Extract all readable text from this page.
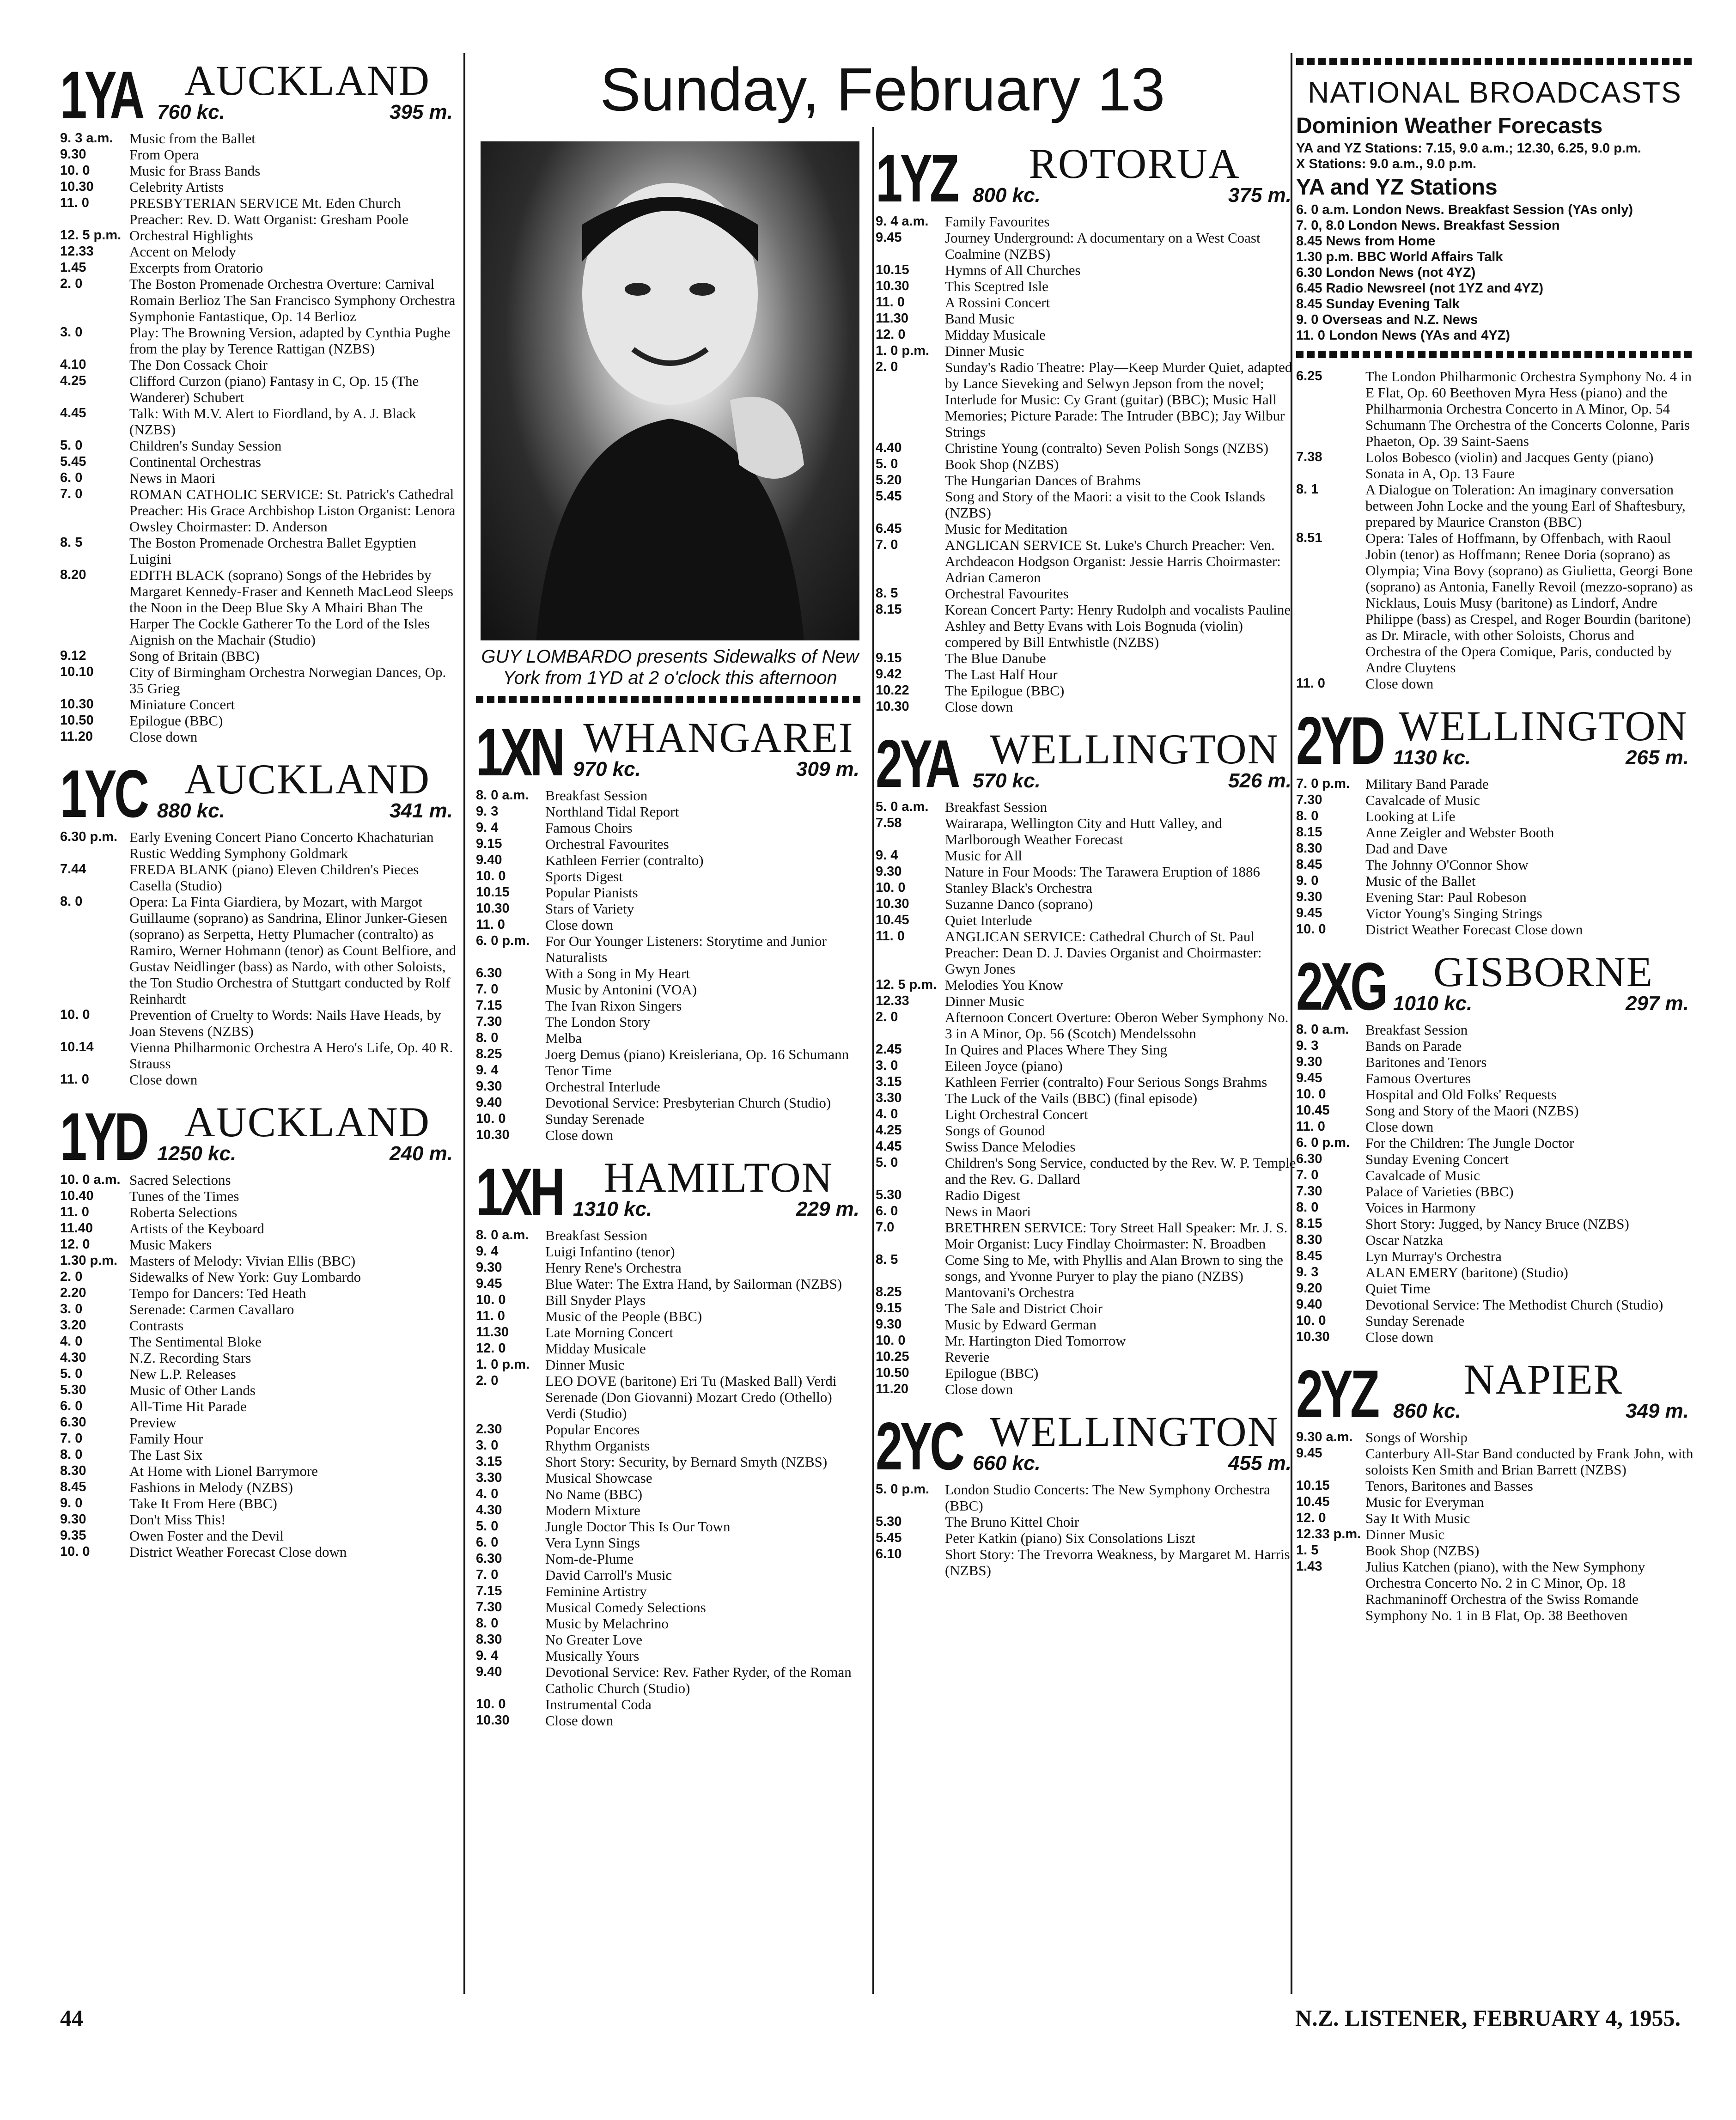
1YA AUCKLAND
760 kc.	395 m.
9. 3 a.m. Music from the Ballet
9.30	From Opera
10. 0	Music for Brass Bands
10.30 Celebrity Artists
11. 0	PRESBYTERIAN SERVICE Mt. Eden Church Preacher: Rev. D. Watt Organist: Gresham Poole
12. 5 p.m. Orchestral Highlights
12.33 Accent on Melody
1.45	Excerpts from Oratorio
2. 0	The Boston Promenade Orchestra Overture: Carnival Romain Berlioz The San Francisco Symphony Orchestra Symphonie Fantastique, Op. 14 Berlioz
3. 0	Play: The Browning Version, adapted by Cynthia Pughe from the play by Terence Rattigan (NZBS)
4.10	The Don Cossack Choir
4.25	Clifford Curzon (piano) Fantasy in C, Op. 15 (The Wanderer) Schubert
4.45	Talk: With M.V. Alert to Fiordland, by A. J. Black (NZBS)
5. 0	Children's Sunday Session
5.45	Continental Orchestras
6. 0	News in Maori
7. 0	ROMAN CATHOLIC SERVICE: St. Patrick's Cathedral Preacher: His Grace Archbishop Liston Organist: Lenora Owsley Choirmaster: D. Anderson
8. 5	The Boston Promenade Orchestra Ballet Egyptien Luigini
8.20	EDITH BLACK (soprano) Songs of the Hebrides by Margaret Kennedy-Fraser and Kenneth MacLeod Sleeps the Noon in the Deep Blue Sky A Mhairi Bhan The Harper The Cockle Gatherer To the Lord of the Isles Aignish on the Machair (Studio)
9.12	Song of Britain (BBC)
10.10 City of Birmingham Orchestra Norwegian Dances, Op. 35 Grieg
10.30 Miniature Concert
10.50 Epilogue (BBC)
11.20	Close down
1YC AUCKLAND
880 kc.	341 m.
6.30 p.m. Early Evening Concert Piano Concerto Khachaturian Rustic Wedding Symphony Goldmark
7.44	FREDA BLANK (piano) Eleven Children's Pieces Casella (Studio)
8. 0	Opera: La Finta Giardiera, by Mozart, with Margot Guillaume (soprano) as Sandrina, Elinor Junker-Giesen (soprano) as Serpetta, Hetty Plumacher (contralto) as Ramiro, Werner Hohmann (tenor) as Count Belfiore, and Gustav Neidlinger (bass) as Nardo, with other Soloists, the Ton Studio Orchestra of Stuttgart conducted by Rolf Reinhardt
10. 0	Prevention of Cruelty to Words: Nails Have Heads, by Joan Stevens (NZBS)
10.14 Vienna Philharmonic Orchestra A Hero's Life, Op. 40 R. Strauss
11. 0	Close down
1YD AUCKLAND
1250 kc.	240 m.
10. 0 a.m. Sacred Selections
10.40 Tunes of the Times
11. 0	Roberta Selections
11.40	Artists of the Keyboard
12. 0	Music Makers
1.30 p.m. Masters of Melody: Vivian Ellis (BBC)
2. 0	Sidewalks of New York: Guy Lombardo
2.20	Tempo for Dancers: Ted Heath
3. 0	Serenade: Carmen Cavallaro
3.20	Contrasts
4. 0	The Sentimental Bloke
4.30	N.Z. Recording Stars
5. 0	New L.P. Releases
5.30	Music of Other Lands
6. 0	All-Time Hit Parade
6.30	Preview
7. 0	Family Hour
8. 0	The Last Six
8.30	At Home with Lionel Barrymore
8.45	Fashions in Melody (NZBS)
9. 0	Take It From Here (BBC)
9.30	Don't Miss This!
9.35	Owen Foster and the Devil
10. 0	District Weather Forecast Close down
Sunday, February 13
GUY LOMBARDO presents Sidewalks of New York from 1YD at 2 o'clock this afternoon
1XN WHANGAREI
970 kc.	309 m.
8. 0 a.m. Breakfast Session
9. 3	Northland Tidal Report
9. 4	Famous Choirs
9.15	Orchestral Favourites
9.40	Kathleen Ferrier (contralto)
10. 0	Sports Digest
10.15 Popular Pianists
10.30 Stars of Variety
11. 0	Close down
6. 0 p.m. For Our Younger Listeners: Storytime and Junior Naturalists
6.30	With a Song in My Heart
7. 0	Music by Antonini (VOA)
7.15	The Ivan Rixon Singers
7.30	The London Story
8. 0	Melba
8.25	Joerg Demus (piano) Kreisleriana, Op. 16 Schumann
9. 4	Tenor Time
9.30	Orchestral Interlude
9.40	Devotional Service: Presbyterian Church (Studio)
10. 0	Sunday Serenade
10.30 Close down
1XH HAMILTON
1310 kc.	229 m.
8. 0 a.m. Breakfast Session
9. 4	Luigi Infantino (tenor)
9.30	Henry Rene's Orchestra
9.45	Blue Water: The Extra Hand, by Sailorman (NZBS)
10. 0	Bill Snyder Plays
11. 0	Music of the People (BBC)
11.30	Late Morning Concert
12. 0	Midday Musicale
1. 0 p.m. Dinner Music
2. 0	LEO DOVE (baritone) Eri Tu (Masked Ball) Verdi Serenade (Don Giovanni) Mozart Credo (Othello) Verdi (Studio)
2.30	Popular Encores
3. 0	Rhythm Organists
3.15	Short Story: Security, by Bernard Smyth (NZBS)
3.30	Musical Showcase
4. 0	No Name (BBC)
4.30	Modern Mixture
5. 0	Jungle Doctor This Is Our Town
6. 0	Vera Lynn Sings
6.30	Nom-de-Plume
7. 0	David Carroll's Music
7.15	Feminine Artistry
7.30	Musical Comedy Selections
8. 0	Music by Melachrino
8.30	No Greater Love
9. 4	Musically Yours
9.40	Devotional Service: Rev. Father Ryder, of the Roman Catholic Church (Studio)
10. 0	Instrumental Coda
10.30 Close down
1YZ	ROTORUA
800 kc.	375 m.
9. 4 a.m. Family Favourites
9.45	Journey Underground: A documentary on a West Coast Coalmine (NZBS)
10.15 Hymns of All Churches
10.30 This Sceptred Isle
11. 0	A Rossini Concert
11.30	Band Music
12. 0	Midday Musicale
1. 0 p.m. Dinner Music
2. 0	Sunday's Radio Theatre: Play—Keep Murder Quiet, adapted by Lance Sieveking and Selwyn Jepson from the novel; Interlude for Music: Cy Grant (guitar) (BBC); Music Hall Memories; Picture Parade: The Intruder (BBC); Jay Wilbur Strings
4.40	Christine Young (contralto) Seven Polish Songs (NZBS)
5. 0	Book Shop (NZBS)
5.20	The Hungarian Dances of Brahms
5.45	Song and Story of the Maori: a visit to the Cook Islands (NZBS)
6.45	Music for Meditation
7. 0	ANGLICAN SERVICE St. Luke's Church Preacher: Ven. Archdeacon Hodgson Organist: Jessie Harris Choirmaster: Adrian Cameron
8. 5	Orchestral Favourites
8.15	Korean Concert Party: Henry Rudolph and vocalists Pauline Ashley and Betty Evans with Lois Bognuda (violin) compered by Bill Entwhistle (NZBS)
9.15	The Blue Danube
9.42	The Last Half Hour
10.22 The Epilogue (BBC)
10.30 Close down
2YA WELLINGTON
570 kc.	526 m.
5. 0 a.m. Breakfast Session
7.58	Wairarapa, Wellington City and Hutt Valley, and Marlborough Weather Forecast
9. 4	Music for All
9.30	Nature in Four Moods: The Tarawera Eruption of 1886
10. 0	Stanley Black's Orchestra
10.30 Suzanne Danco (soprano)
10.45 Quiet Interlude
11. 0	ANGLICAN SERVICE: Cathedral Church of St. Paul Preacher: Dean D. J. Davies Organist and Choirmaster: Gwyn Jones
12. 5 p.m. Melodies You Know
12.33 Dinner Music
2. 0	Afternoon Concert Overture: Oberon Weber Symphony No. 3 in A Minor, Op. 56 (Scotch) Mendelssohn
2.45	In Quires and Places Where They Sing
3. 0	Eileen Joyce (piano)
3.15	Kathleen Ferrier (contralto) Four Serious Songs Brahms
3.30	The Luck of the Vails (BBC) (final episode)
4. 0	Light Orchestral Concert
4.25	Songs of Gounod
4.45	Swiss Dance Melodies
5. 0	Children's Song Service, conducted by the Rev. W. P. Temple and the Rev. G. Dallard
5.30	Radio Digest
6. 0	News in Maori
7.0	BRETHREN SERVICE: Tory Street Hall Speaker: Mr. J. S. Moir Organist: Lucy Findlay Choirmaster: N. Broadben
8. 5	Come Sing to Me, with Phyllis and Alan Brown to sing the songs, and Yvonne Puryer to play the piano (NZBS)
8.25	Mantovani's Orchestra
9.15	The Sale and District Choir
9.30	Music by Edward German
10. 0	Mr. Hartington Died Tomorrow
10.25 Reverie
10.50 Epilogue (BBC)
11.20	Close down
2YC WELLINGTON
660 kc.	455 m.
5. 0 p.m. London Studio Concerts: The New Symphony Orchestra (BBC)
5.30	The Bruno Kittel Choir
5.45	Peter Katkin (piano) Six Consolations Liszt
6.10	Short Story: The Trevorra Weakness, by Margaret M. Harris (NZBS)
NATIONAL BROADCASTS
Dominion Weather Forecasts
YA and YZ Stations: 7.15, 9.0 a.m.; 12.30, 6.25, 9.0 p.m.
X Stations: 9.0 a.m., 9.0 p.m.
YA and YZ Stations
6. 0 a.m. London News. Breakfast Session (YAs only)
7. 0, 8.0 London News. Breakfast Session
8.45 News from Home
1.30 p.m. BBC World Affairs Talk
6.30 London News (not 4YZ)
6.45 Radio Newsreel (not 1YZ and 4YZ)
8.45 Sunday Evening Talk
9. 0 Overseas and N.Z. News
11. 0 London News (YAs and 4YZ)
6.25	The London Philharmonic Orchestra Symphony No. 4 in E Flat, Op. 60 Beethoven Myra Hess (piano) and the Philharmonia Orchestra Concerto in A Minor, Op. 54 Schumann The Orchestra of the Concerts Colonne, Paris Phaeton, Op. 39 Saint-Saens
7.38	Lolos Bobesco (violin) and Jacques Genty (piano) Sonata in A, Op. 13 Faure
8. 1	A Dialogue on Toleration: An imaginary conversation between John Locke and the young Earl of Shaftesbury, prepared by Maurice Cranston (BBC)
8.51	Opera: Tales of Hoffmann, by Offenbach, with Raoul Jobin (tenor) as Hoffmann; Renee Doria (soprano) as Olympia; Vina Bovy (soprano) as Giulietta, Georgi Bone (soprano) as Antonia, Fanelly Revoil (mezzo-soprano) as Nicklaus, Louis Musy (baritone) as Lindorf, Andre Philippe (bass) as Crespel, and Roger Bourdin (baritone) as Dr. Miracle, with other Soloists, Chorus and Orchestra of the Opera Comique, Paris, conducted by Andre Cluytens
11. 0	Close down
2YD WELLINGTON
1130 kc.	265 m.
7. 0 p.m. Military Band Parade
7.30	Cavalcade of Music
8. 0	Looking at Life
8.15	Anne Zeigler and Webster Booth
8.30	Dad and Dave
8.45	The Johnny O'Connor Show
9. 0	Music of the Ballet
9.30	Evening Star: Paul Robeson
9.45	Victor Young's Singing Strings
10. 0	District Weather Forecast Close down
2XG	GISBORNE
1010 kc.	297 m.
8. 0 a.m. Breakfast Session
9. 3	Bands on Parade
9.30	Baritones and Tenors
9.45	Famous Overtures
10. 0	Hospital and Old Folks' Requests
10.45 Song and Story of the Maori (NZBS)
11. 0	Close down
6. 0 p.m. For the Children: The Jungle Doctor
6.30	Sunday Evening Concert
7. 0	Cavalcade of Music
7.30	Palace of Varieties (BBC)
8. 0	Voices in Harmony
8.15	Short Story: Jugged, by Nancy Bruce (NZBS)
8.30	Oscar Natzka
8.45	Lyn Murray's Orchestra
9. 3	ALAN EMERY (baritone) (Studio)
9.20	Quiet Time
9.40	Devotional Service: The Methodist Church (Studio)
10. 0	Sunday Serenade
10.30 Close down
2YZ	NAPIER
860 kc.	349 m.
9.30 a.m. Songs of Worship
9.45	Canterbury All-Star Band conducted by Frank John, with soloists Ken Smith and Brian Barrett (NZBS)
10.15 Tenors, Baritones and Basses
10.45 Music for Everyman
12. 0	Say It With Music
12.33 p.m. Dinner Music
1. 5	Book Shop (NZBS)
1.43	Julius Katchen (piano), with the New Symphony Orchestra Concerto No. 2 in C Minor, Op. 18 Rachmaninoff Orchestra of the Swiss Romande Symphony No. 1 in B Flat, Op. 38 Beethoven
44	N.Z. LISTENER, FEBRUARY 4, 1955.
